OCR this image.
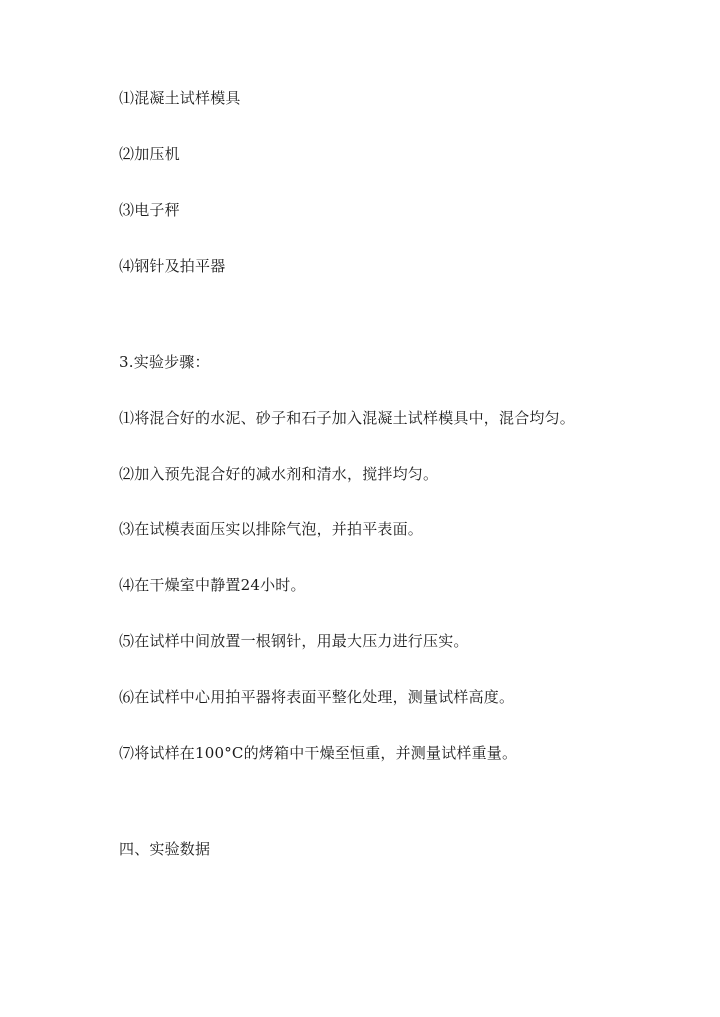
⑴混凝土试样模具
⑵加压机
⑶电子秤
⑷钢针及拍平器
3.实验步骤：
⑴将混合好的水泥、砂子和石子加入混凝土试样模具中，混合均匀。
⑵加入预先混合好的减水剂和清水，搅拌均匀。
⑶在试模表面压实以排除气泡，并拍平表面。
⑷在干燥室中静置24小时。
⑸在试样中间放置一根钢针，用最大压力进行压实。
⑹在试样中心用拍平器将表面平整化处理，测量试样高度。
⑺将试样在100°C的烤箱中干燥至恒重，并测量试样重量。
四、实验数据
